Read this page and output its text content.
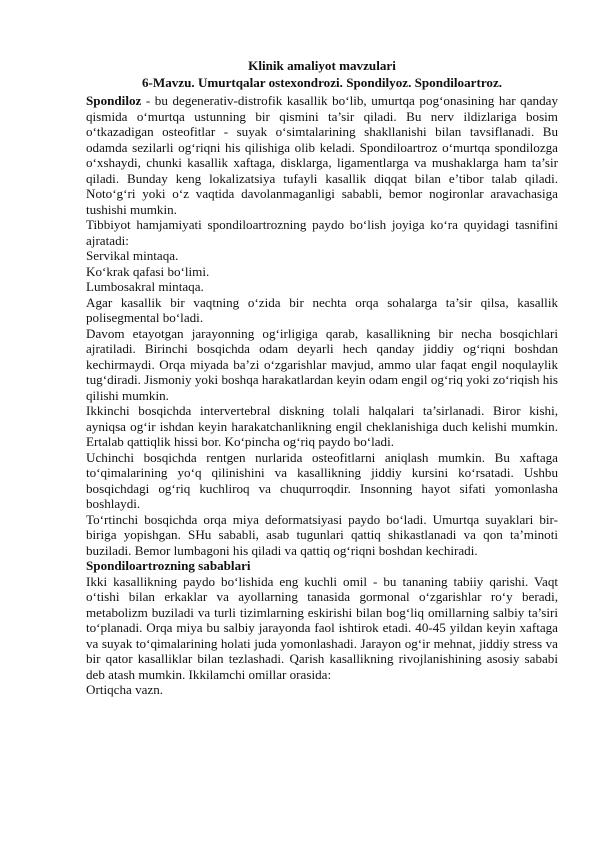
Klinik amaliyot mavzulari

6-Mavzu. Umurtqalar ostexondrozi. Spondilyoz. Spondiloartroz.

Spondiloz - bu degenerativ-distrofik kasallik bo‘lib, umurtqa pog‘onasining har qanday qismida o‘murtqa ustunning bir qismini ta’sir qiladi. Bu nerv ildizlariga bosim o‘tkazadigan osteofitlar - suyak o‘simtalarining shakllanishi bilan tavsiflanadi. Bu odamda sezilarli og‘riqni his qilishiga olib keladi. Spondiloartroz o‘murtqa spondilozga o‘xshaydi, chunki kasallik xaftaga, disklarga, ligamentlarga va mushaklarga ham ta’sir qiladi. Bunday keng lokalizatsiya tufayli kasallik diqqat bilan e’tibor talab qiladi. Noto‘g‘ri yoki o‘z vaqtida davolanmaganligi sababli, bemor nogironlar aravachasiga tushishi mumkin.

Tibbiyot hamjamiyati spondiloartrozning paydo bo‘lish joyiga ko‘ra quyidagi tasnifini ajratadi:

Servikal mintaqa.

Ko‘krak qafasi bo‘limi.

Lumbosakral mintaqa.

Agar kasallik bir vaqtning o‘zida bir nechta orqa sohalarga ta’sir qilsa, kasallik polisegmental bo‘ladi.

Davom etayotgan jarayonning og‘irligiga qarab, kasallikning bir necha bosqichlari ajratiladi. Birinchi bosqichda odam deyarli hech qanday jiddiy og‘riqni boshdan kechirmaydi. Orqa miyada ba’zi o‘zgarishlar mavjud, ammo ular faqat engil noqulaylik tug‘diradi. Jismoniy yoki boshqa harakatlardan keyin odam engil og‘riq yoki zo‘riqish his qilishi mumkin.

Ikkinchi bosqichda intervertebral diskning tolali halqalari ta’sirlanadi. Biror kishi, ayniqsa og‘ir ishdan keyin harakatchanlikning engil cheklanishiga duch kelishi mumkin. Ertalab qattiqlik hissi bor. Ko‘pincha og‘riq paydo bo‘ladi.

Uchinchi bosqichda rentgen nurlarida osteofitlarni aniqlash mumkin. Bu xaftaga to‘qimalarining yo‘q qilinishini va kasallikning jiddiy kursini ko‘rsatadi. Ushbu bosqichdagi og‘riq kuchliroq va chuqurroqdir. Insonning hayot sifati yomonlasha boshlaydi.

To‘rtinchi bosqichda orqa miya deformatsiyasi paydo bo‘ladi. Umurtqa suyaklari bir-biriga yopishgan. SHu sababli, asab tugunlari qattiq shikastlanadi va qon ta’minoti buziladi. Bemor lumbagoni his qiladi va qattiq og‘riqni boshdan kechiradi.

Spondiloartrozning sabablari

Ikki kasallikning paydo bo‘lishida eng kuchli omil - bu tananing tabiiy qarishi. Vaqt o‘tishi bilan erkaklar va ayollarning tanasida gormonal o‘zgarishlar ro‘y beradi, metabolizm buziladi va turli tizimlarning eskirishi bilan bog‘liq omillarning salbiy ta’siri to‘planadi. Orqa miya bu salbiy jarayonda faol ishtirok etadi. 40-45 yildan keyin xaftaga va suyak to‘qimalarining holati juda yomonlashadi. Jarayon og‘ir mehnat, jiddiy stress va bir qator kasalliklar bilan tezlashadi. Qarish kasallikning rivojlanishining asosiy sababi deb atash mumkin. Ikkilamchi omillar orasida:

Ortiqcha vazn.
